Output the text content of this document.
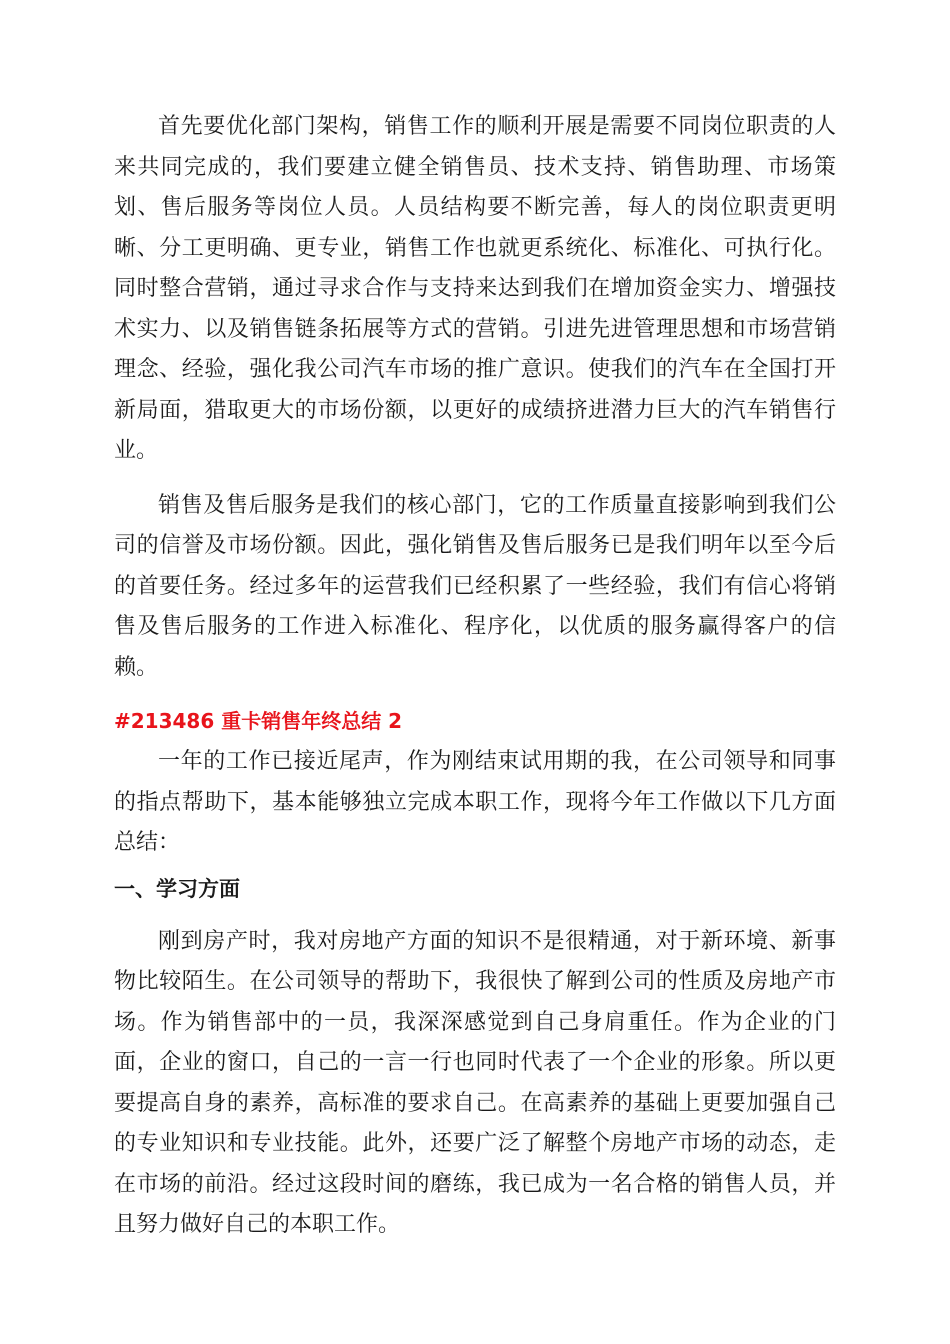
首先要优化部门架构，销售工作的顺利开展是需要不同岗位职责的人来共同完成的，我们要建立健全销售员、技术支持、销售助理、市场策划、售后服务等岗位人员。人员结构要不断完善，每人的岗位职责更明晰、分工更明确、更专业，销售工作也就更系统化、标准化、可执行化。同时整合营销，通过寻求合作与支持来达到我们在增加资金实力、增强技术实力、以及销售链条拓展等方式的营销。引进先进管理思想和市场营销理念、经验，强化我公司汽车市场的推广意识。使我们的汽车在全国打开新局面，猎取更大的市场份额，以更好的成绩挤进潜力巨大的汽车销售行业。

销售及售后服务是我们的核心部门，它的工作质量直接影响到我们公司的信誉及市场份额。因此，强化销售及售后服务已是我们明年以至今后的首要任务。经过多年的运营我们已经积累了一些经验，我们有信心将销售及售后服务的工作进入标准化、程序化，以优质的服务赢得客户的信赖。

#213486 重卡销售年终总结 2

一年的工作已接近尾声，作为刚结束试用期的我，在公司领导和同事的指点帮助下，基本能够独立完成本职工作，现将今年工作做以下几方面总结：

一、学习方面

刚到房产时，我对房地产方面的知识不是很精通，对于新环境、新事物比较陌生。在公司领导的帮助下，我很快了解到公司的性质及房地产市场。作为销售部中的一员，我深深感觉到自己身肩重任。作为企业的门面，企业的窗口，自己的一言一行也同时代表了一个企业的形象。所以更要提高自身的素养，高标准的要求自己。在高素养的基础上更要加强自己的专业知识和专业技能。此外，还要广泛了解整个房地产市场的动态，走在市场的前沿。经过这段时间的磨练，我已成为一名合格的销售人员，并且努力做好自己的本职工作。
